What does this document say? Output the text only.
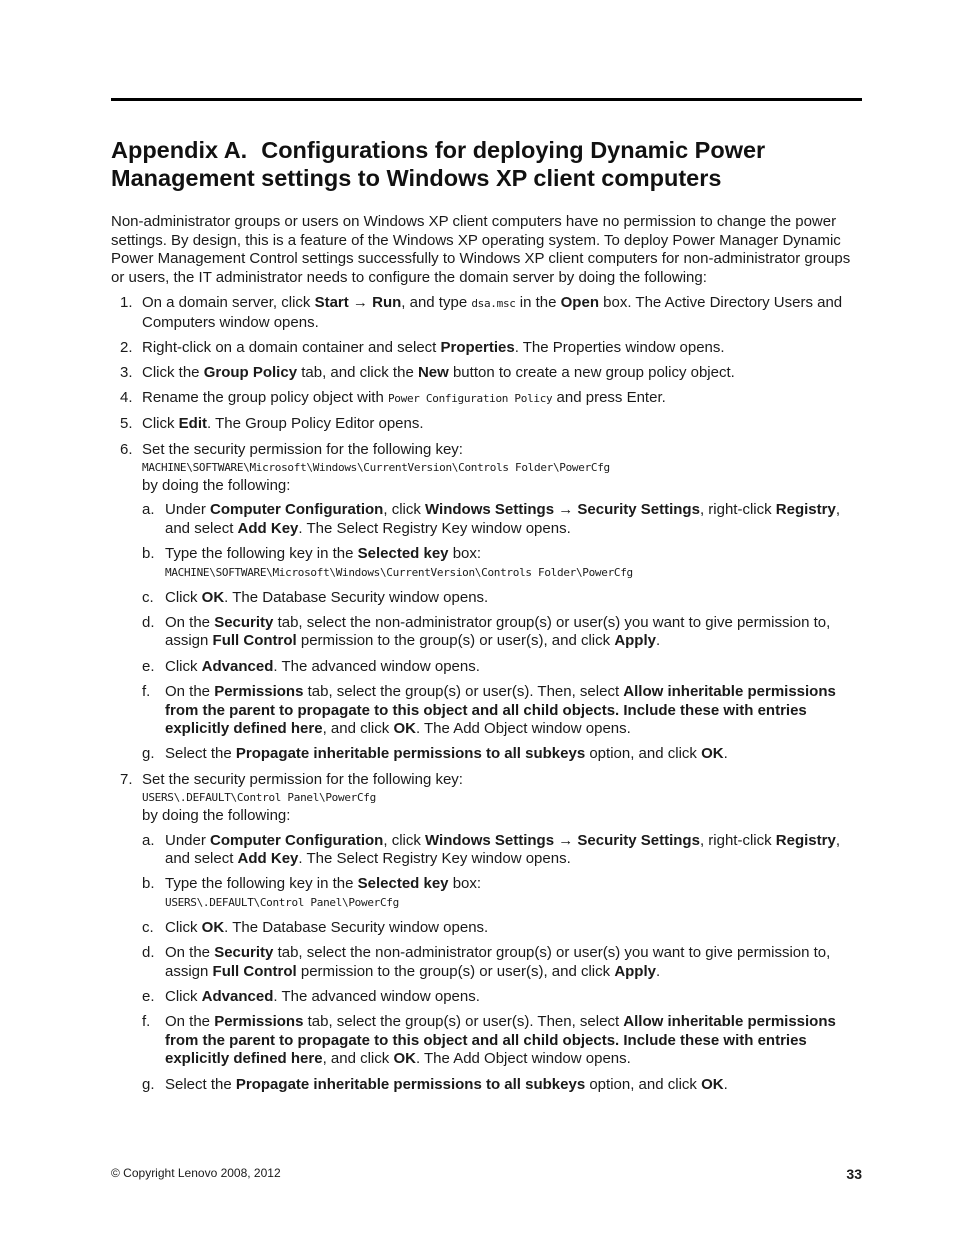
Appendix A. Configurations for deploying Dynamic Power
Management settings to Windows XP client computers

Non-administrator groups or users on Windows XP client computers have no permission to change the power settings. By design, this is a feature of the Windows XP operating system. To deploy Power Manager Dynamic Power Management Control settings successfully to Windows XP client computers for non-administrator groups or users, the IT administrator needs to configure the domain server by doing the following:

1. On a domain server, click Start → Run, and type dsa.msc in the Open box. The Active Directory Users and Computers window opens.
2. Right-click on a domain container and select Properties. The Properties window opens.
3. Click the Group Policy tab, and click the New button to create a new group policy object.
4. Rename the group policy object with Power Configuration Policy and press Enter.
5. Click Edit. The Group Policy Editor opens.
6. Set the security permission for the following key:
MACHINE\SOFTWARE\Microsoft\Windows\CurrentVersion\Controls Folder\PowerCfg
by doing the following:
a. Under Computer Configuration, click Windows Settings → Security Settings, right-click Registry, and select Add Key. The Select Registry Key window opens.
b. Type the following key in the Selected key box:
MACHINE\SOFTWARE\Microsoft\Windows\CurrentVersion\Controls Folder\PowerCfg
c. Click OK. The Database Security window opens.
d. On the Security tab, select the non-administrator group(s) or user(s) you want to give permission to, assign Full Control permission to the group(s) or user(s), and click Apply.
e. Click Advanced. The advanced window opens.
f. On the Permissions tab, select the group(s) or user(s). Then, select Allow inheritable permissions from the parent to propagate to this object and all child objects. Include these with entries explicitly defined here, and click OK. The Add Object window opens.
g. Select the Propagate inheritable permissions to all subkeys option, and click OK.
7. Set the security permission for the following key:
USERS\.DEFAULT\Control Panel\PowerCfg
by doing the following:
a. Under Computer Configuration, click Windows Settings → Security Settings, right-click Registry, and select Add Key. The Select Registry Key window opens.
b. Type the following key in the Selected key box:
USERS\.DEFAULT\Control Panel\PowerCfg
c. Click OK. The Database Security window opens.
d. On the Security tab, select the non-administrator group(s) or user(s) you want to give permission to, assign Full Control permission to the group(s) or user(s), and click Apply.
e. Click Advanced. The advanced window opens.
f. On the Permissions tab, select the group(s) or user(s). Then, select Allow inheritable permissions from the parent to propagate to this object and all child objects. Include these with entries explicitly defined here, and click OK. The Add Object window opens.
g. Select the Propagate inheritable permissions to all subkeys option, and click OK.
© Copyright Lenovo 2008, 2012	33
